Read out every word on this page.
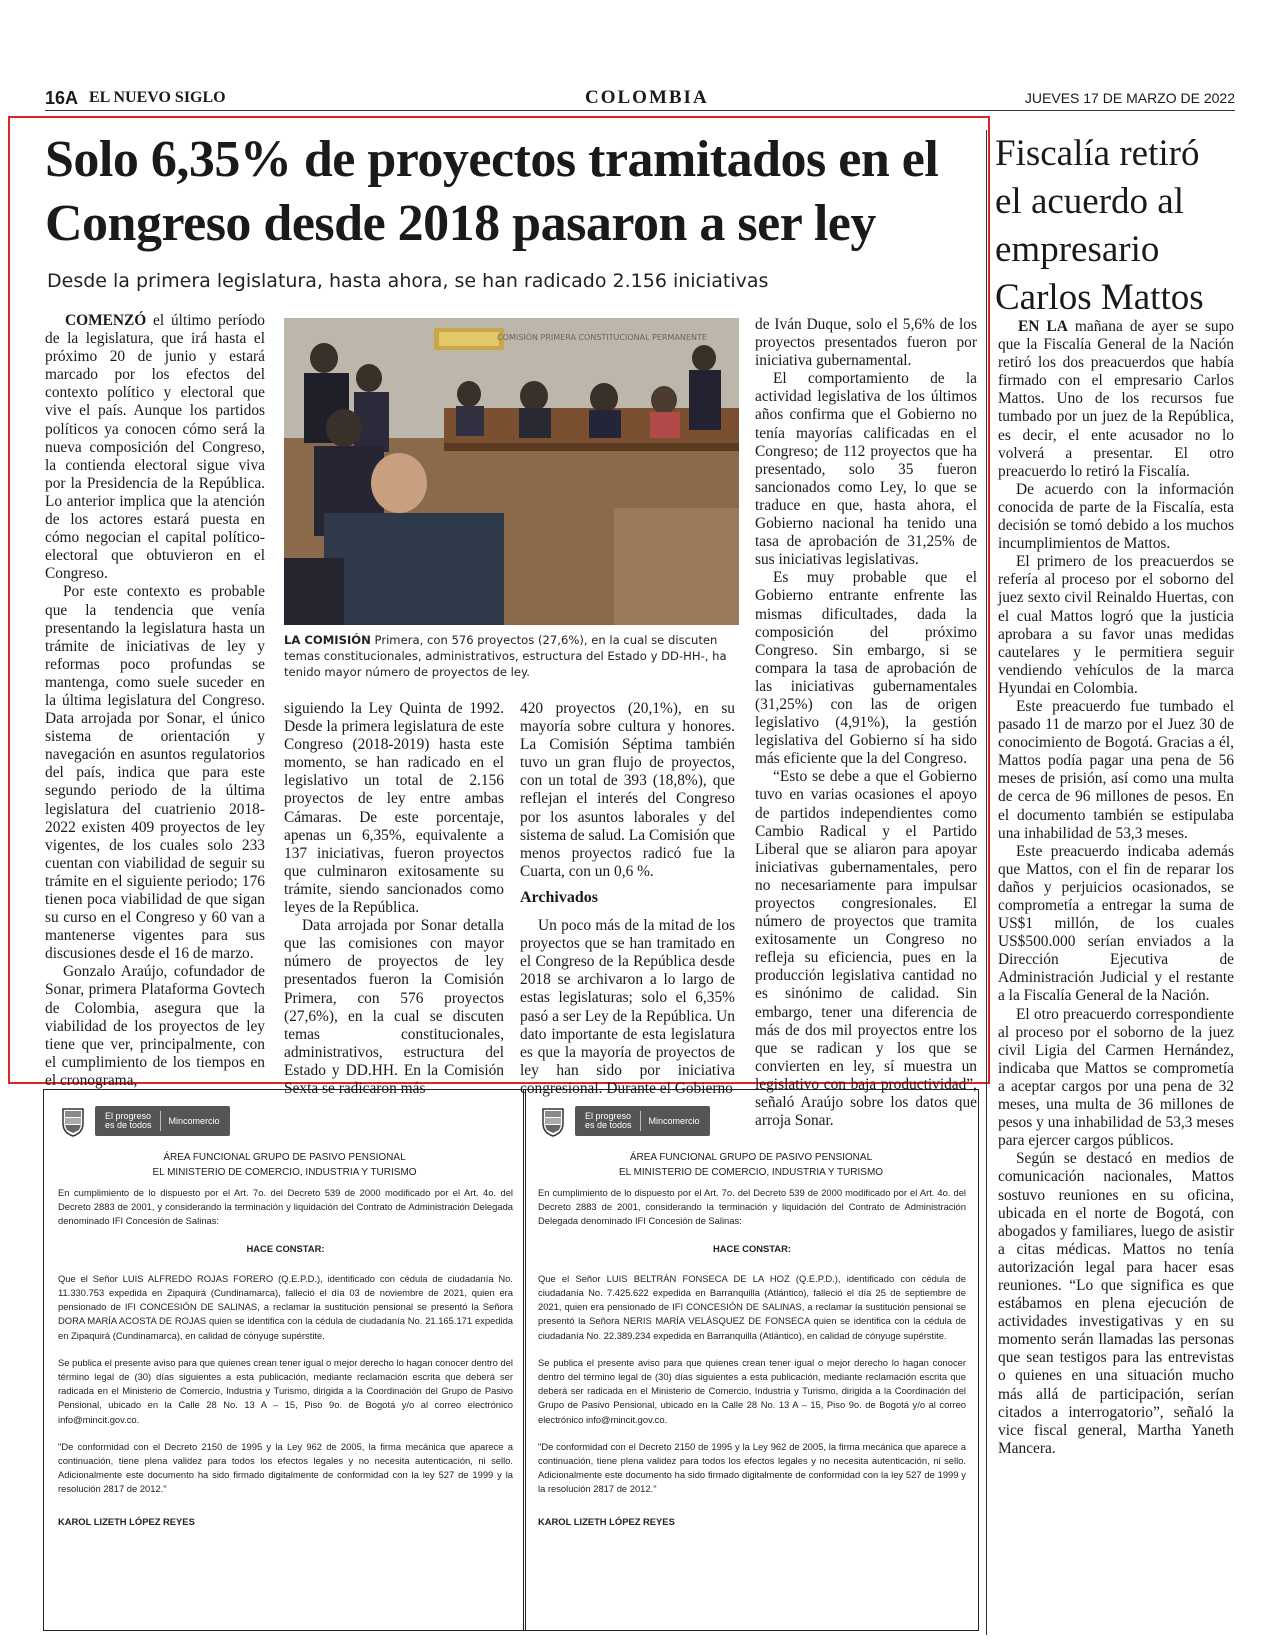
16A EL NUEVO SIGLO	COLOMBIA	JUEVES 17 DE MARZO DE 2022
Solo 6,35% de proyectos tramitados en el Congreso desde 2018 pasaron a ser ley
Desde la primera legislatura, hasta ahora, se han radicado 2.156 iniciativas

COMENZÓ el último período de la legislatura, que irá hasta el próximo 20 de junio y estará marcado por los efectos del contexto político y electoral que vive el país. Aunque los partidos políticos ya conocen cómo será la nueva composición del Congreso, la contienda electoral sigue viva por la Presidencia de la República. Lo anterior implica que la atención de los actores estará puesta en cómo negocian el capital político-electoral que obtuvieron en el Congreso.

Por este contexto es probable que la tendencia que venía presentando la legislatura hasta un trámite de iniciativas de ley y reformas poco profundas se mantenga, como suele suceder en la última legislatura del Congreso. Data arrojada por Sonar, el único sistema de orientación y navegación en asuntos regulatorios del país, indica que para este segundo periodo de la última legislatura del cuatrienio 2018-2022 existen 409 proyectos de ley vigentes, de los cuales solo 233 cuentan con viabilidad de seguir su trámite en el siguiente periodo; 176 tienen poca viabilidad de que sigan su curso en el Congreso y 60 van a mantenerse vigentes para sus discusiones desde el 16 de marzo.

Gonzalo Araújo, cofundador de Sonar, primera Plataforma Govtech de Colombia, asegura que la viabilidad de los proyectos de ley tiene que ver, principalmente, con el cumplimiento de los tiempos en el cronograma,

COMISIÓN PRIMERA CONSTITUCIONAL PERMANENTE
LA COMISIÓN Primera, con 576 proyectos (27,6%), en la cual se discuten temas constitucionales, administrativos, estructura del Estado y DD-HH-, ha tenido mayor número de proyectos de ley.

siguiendo la Ley Quinta de 1992. Desde la primera legislatura de este Congreso (2018-2019) hasta este momento, se han radicado en el legislativo un total de 2.156 proyectos de ley entre ambas Cámaras. De este porcentaje, apenas un 6,35%, equivalente a 137 iniciativas, fueron proyectos que culminaron exitosamente su trámite, siendo sancionados como leyes de la República.

Data arrojada por Sonar detalla que las comisiones con mayor número de proyectos de ley presentados fueron la Comisión Primera, con 576 proyectos (27,6%), en la cual se discuten temas constitucionales, administrativos, estructura del Estado y DD.HH. En la Comisión Sexta se radicaron más

420 proyectos (20,1%), en su mayoría sobre cultura y honores. La Comisión Séptima también tuvo un gran flujo de proyectos, con un total de 393 (18,8%), que reflejan el interés del Congreso por los asuntos laborales y del sistema de salud. La Comisión que menos proyectos radicó fue la Cuarta, con un 0,6 %.

Archivados

Un poco más de la mitad de los proyectos que se han tramitado en el Congreso de la República desde 2018 se archivaron a lo largo de estas legislaturas; solo el 6,35% pasó a ser Ley de la República. Un dato importante de esta legislatura es que la mayoría de proyectos de ley han sido por iniciativa congresional. Durante el Gobierno

de Iván Duque, solo el 5,6% de los proyectos presentados fueron por iniciativa gubernamental.

El comportamiento de la actividad legislativa de los últimos años confirma que el Gobierno no tenía mayorías calificadas en el Congreso; de 112 proyectos que ha presentado, solo 35 fueron sancionados como Ley, lo que se traduce en que, hasta ahora, el Gobierno nacional ha tenido una tasa de aprobación de 31,25% de sus iniciativas legislativas.

Es muy probable que el Gobierno entrante enfrente las mismas dificultades, dada la composición del próximo Congreso. Sin embargo, si se compara la tasa de aprobación de las iniciativas gubernamentales (31,25%) con las de origen legislativo (4,91%), la gestión legislativa del Gobierno sí ha sido más eficiente que la del Congreso.

“Esto se debe a que el Gobierno tuvo en varias ocasiones el apoyo de partidos independientes como Cambio Radical y el Partido Liberal que se aliaron para apoyar iniciativas gubernamentales, pero no necesariamente para impulsar proyectos congresionales. El número de proyectos que tramita exitosamente un Congreso no refleja su eficiencia, pues en la producción legislativa cantidad no es sinónimo de calidad. Sin embargo, tener una diferencia de más de dos mil proyectos entre los que se radican y los que se convierten en ley, sí muestra un legislativo con baja productividad”, señaló Araújo sobre los datos que arroja Sonar.

Fiscalía retiró el acuerdo al empresario Carlos Mattos

EN LA mañana de ayer se supo que la Fiscalía General de la Nación retiró los dos preacuerdos que había firmado con el empresario Carlos Mattos. Uno de los recursos fue tumbado por un juez de la República, es decir, el ente acusador no lo volverá a presentar. El otro preacuerdo lo retiró la Fiscalía.

De acuerdo con la información conocida de parte de la Fiscalía, esta decisión se tomó debido a los muchos incumplimientos de Mattos.

El primero de los preacuerdos se refería al proceso por el soborno del juez sexto civil Reinaldo Huertas, con el cual Mattos logró que la justicia aprobara a su favor unas medidas cautelares y le permitiera seguir vendiendo vehículos de la marca Hyundai en Colombia.

Este preacuerdo fue tumbado el pasado 11 de marzo por el Juez 30 de conocimiento de Bogotá. Gracias a él, Mattos podía pagar una pena de 56 meses de prisión, así como una multa de cerca de 96 millones de pesos. En el documento también se estipulaba una inhabilidad de 53,3 meses.

Este preacuerdo indicaba además que Mattos, con el fin de reparar los daños y perjuicios ocasionados, se comprometía a entregar la suma de US$1 millón, de los cuales US$500.000 serían enviados a la Dirección Ejecutiva de Administración Judicial y el restante a la Fiscalía General de la Nación.

El otro preacuerdo correspondiente al proceso por el soborno de la juez civil Ligia del Carmen Hernández, indicaba que Mattos se comprometía a aceptar cargos por una pena de 32 meses, una multa de 36 millones de pesos y una inhabilidad de 53,3 meses para ejercer cargos públicos.

Según se destacó en medios de comunicación nacionales, Mattos sostuvo reuniones en su oficina, ubicada en el norte de Bogotá, con abogados y familiares, luego de asistir a citas médicas. Mattos no tenía autorización legal para hacer esas reuniones. “Lo que significa es que estábamos en plena ejecución de actividades investigativas y en su momento serán llamadas las personas que sean testigos para las entrevistas o quienes en una situación mucho más allá de participación, serían citados a interrogatorio”, señaló la vice fiscal general, Martha Yaneth Mancera.

El progreso
es de todos Mincomercio
ÁREA FUNCIONAL GRUPO DE PASIVO PENSIONAL
EL MINISTERIO DE COMERCIO, INDUSTRIA Y TURISMO

En cumplimiento de lo dispuesto por el Art. 7o. del Decreto 539 de 2000 modificado por el Art. 4o. del Decreto 2883 de 2001, y considerando la terminación y liquidación del Contrato de Administración Delegada denominado IFI Concesión de Salinas:

HACE CONSTAR:

Que el Señor LUIS ALFREDO ROJAS FORERO (Q.E.P.D.), identificado con cédula de ciudadanía No. 11.330.753 expedida en Zipaquirá (Cundinamarca), falleció el día 03 de noviembre de 2021, quien era pensionado de IFI CONCESIÓN DE SALINAS, a reclamar la sustitución pensional se presentó la Señora DORA MARÍA ACOSTA DE ROJAS quien se identifica con la cédula de ciudadanía No. 21.165.171 expedida en Zipaquirá (Cundinamarca), en calidad de cónyuge supérstite.

Se publica el presente aviso para que quienes crean tener igual o mejor derecho lo hagan conocer dentro del término legal de (30) días siguientes a esta publicación, mediante reclamación escrita que deberá ser radicada en el Ministerio de Comercio, Industria y Turismo, dirigida a la Coordinación del Grupo de Pasivo Pensional, ubicado en la Calle 28 No. 13 A – 15, Piso 9o. de Bogotá y/o al correo electrónico info@mincit.gov.co.

"De conformidad con el Decreto 2150 de 1995 y la Ley 962 de 2005, la firma mecánica que aparece a continuación, tiene plena validez para todos los efectos legales y no necesita autenticación, ni sello. Adicionalmente este documento ha sido firmado digitalmente de conformidad con la ley 527 de 1999 y la resolución 2817 de 2012."

KAROL LIZETH LÓPEZ REYES

El progreso
es de todos Mincomercio
ÁREA FUNCIONAL GRUPO DE PASIVO PENSIONAL
EL MINISTERIO DE COMERCIO, INDUSTRIA Y TURISMO

En cumplimiento de lo dispuesto por el Art. 7o. del Decreto 539 de 2000 modificado por el Art. 4o. del Decreto 2883 de 2001, considerando la terminación y liquidación del Contrato de Administración Delegada denominado IFI Concesión de Salinas:

HACE CONSTAR:

Que el Señor LUIS BELTRÁN FONSECA DE LA HOZ (Q.E.P.D.), identificado con cédula de ciudadanía No. 7.425.622 expedida en Barranquilla (Atlántico), falleció el día 25 de septiembre de 2021, quien era pensionado de IFI CONCESIÓN DE SALINAS, a reclamar la sustitución pensional se presentó la Señora NERIS MARÍA VELÁSQUEZ DE FONSECA quien se identifica con la cédula de ciudadanía No. 22.389.234 expedida en Barranquilla (Atlántico), en calidad de cónyuge supérstite.

Se publica el presente aviso para que quienes crean tener igual o mejor derecho lo hagan conocer dentro del término legal de (30) días siguientes a esta publicación, mediante reclamación escrita que deberá ser radicada en el Ministerio de Comercio, Industria y Turismo, dirigida a la Coordinación del Grupo de Pasivo Pensional, ubicado en la Calle 28 No. 13 A – 15, Piso 9o. de Bogotá y/o al correo electrónico info@mincit.gov.co.

"De conformidad con el Decreto 2150 de 1995 y la Ley 962 de 2005, la firma mecánica que aparece a continuación, tiene plena validez para todos los efectos legales y no necesita autenticación, ni sello. Adicionalmente este documento ha sido firmado digitalmente de conformidad con la ley 527 de 1999 y la resolución 2817 de 2012."

KAROL LIZETH LÓPEZ REYES
